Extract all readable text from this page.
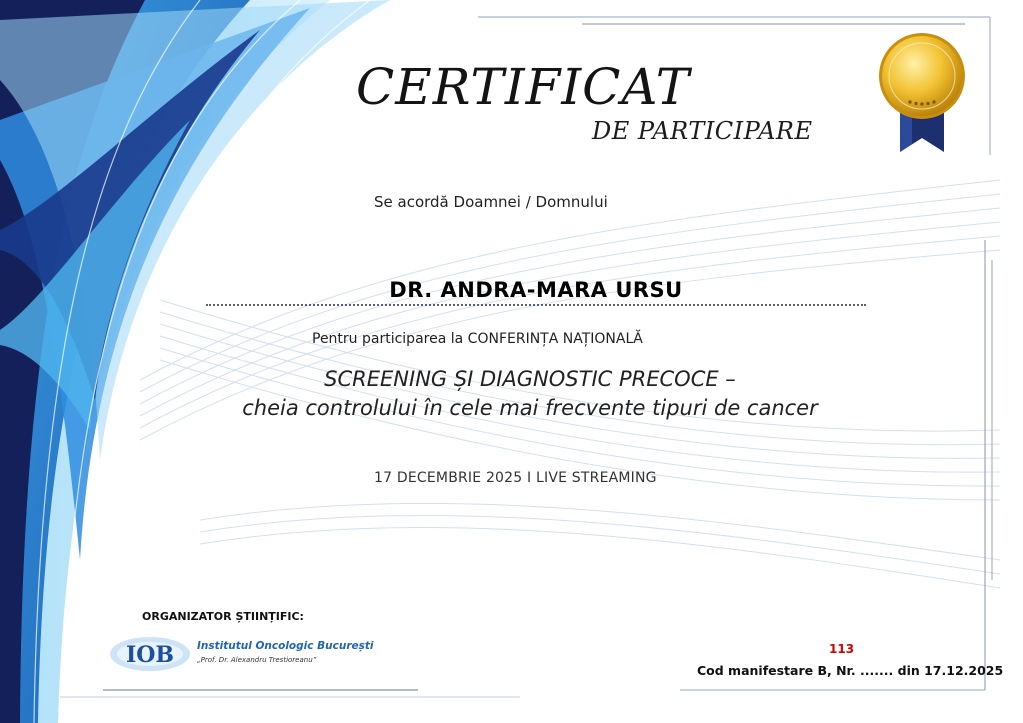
CERTIFICAT
DE PARTICIPARE
Se acordă Doamnei / Domnului
DR. ANDRA-MARA URSU
Pentru participarea la CONFERINȚA NAȚIONALĂ
SCREENING ȘI DIAGNOSTIC PRECOCE –
cheia controlului în cele mai frecvente tipuri de cancer
17 DECEMBRIE 2025 I LIVE STREAMING
ORGANIZATOR ȘTIINȚIFIC:
IOB Institutul Oncologic București
„Prof. Dr. Alexandru Trestioreanu”
113
Cod manifestare B, Nr. ....... din 17.12.2025
